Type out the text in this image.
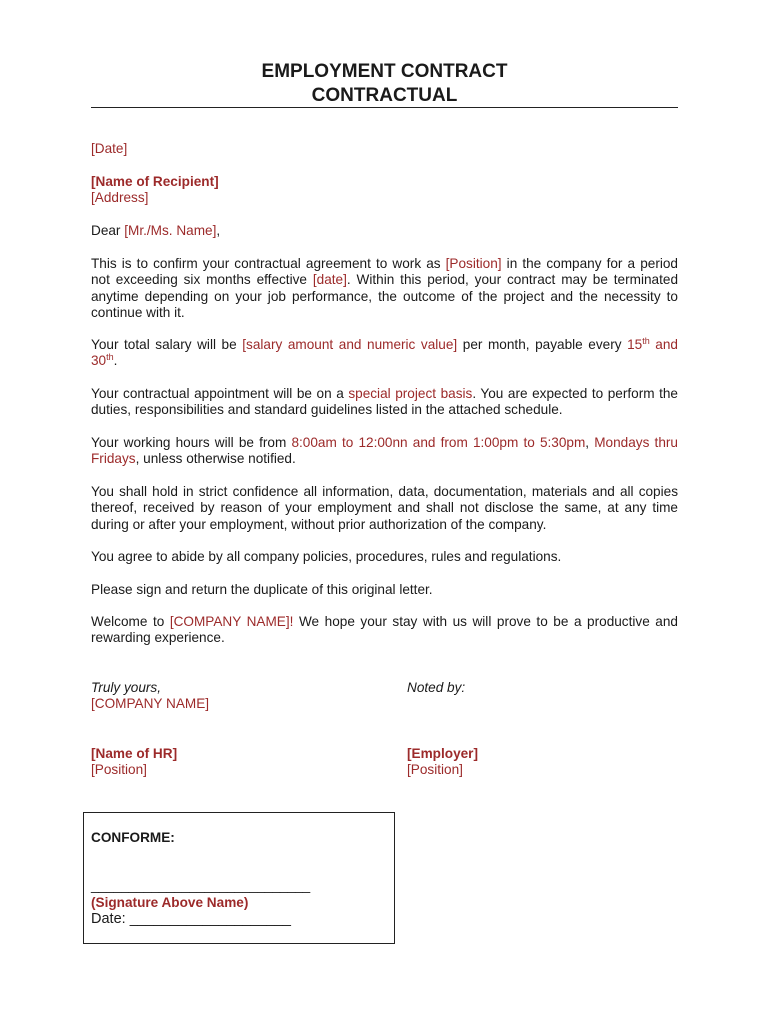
EMPLOYMENT CONTRACT
CONTRACTUAL
[Date]
[Name of Recipient]
[Address]
Dear [Mr./Ms. Name],
This is to confirm your contractual agreement to work as [Position] in the company for a period not exceeding six months effective [date]. Within this period, your contract may be terminated anytime depending on your job performance, the outcome of the project and the necessity to continue with it.
Your total salary will be [salary amount and numeric value] per month, payable every 15th and 30th.
Your contractual appointment will be on a special project basis. You are expected to perform the duties, responsibilities and standard guidelines listed in the attached schedule.
Your working hours will be from 8:00am to 12:00nn and from 1:00pm to 5:30pm, Mondays thru Fridays, unless otherwise notified.
You shall hold in strict confidence all information, data, documentation, materials and all copies thereof, received by reason of your employment and shall not disclose the same, at any time during or after your employment, without prior authorization of the company.
You agree to abide by all company policies, procedures, rules and regulations.
Please sign and return the duplicate of this original letter.
Welcome to [COMPANY NAME]! We hope your stay with us will prove to be a productive and rewarding experience.
Truly yours,
[COMPANY NAME]
Noted by:
[Name of HR]
[Position]
[Employer]
[Position]
CONFORME:
_____________________________
(Signature Above Name)
Date: ____________________
